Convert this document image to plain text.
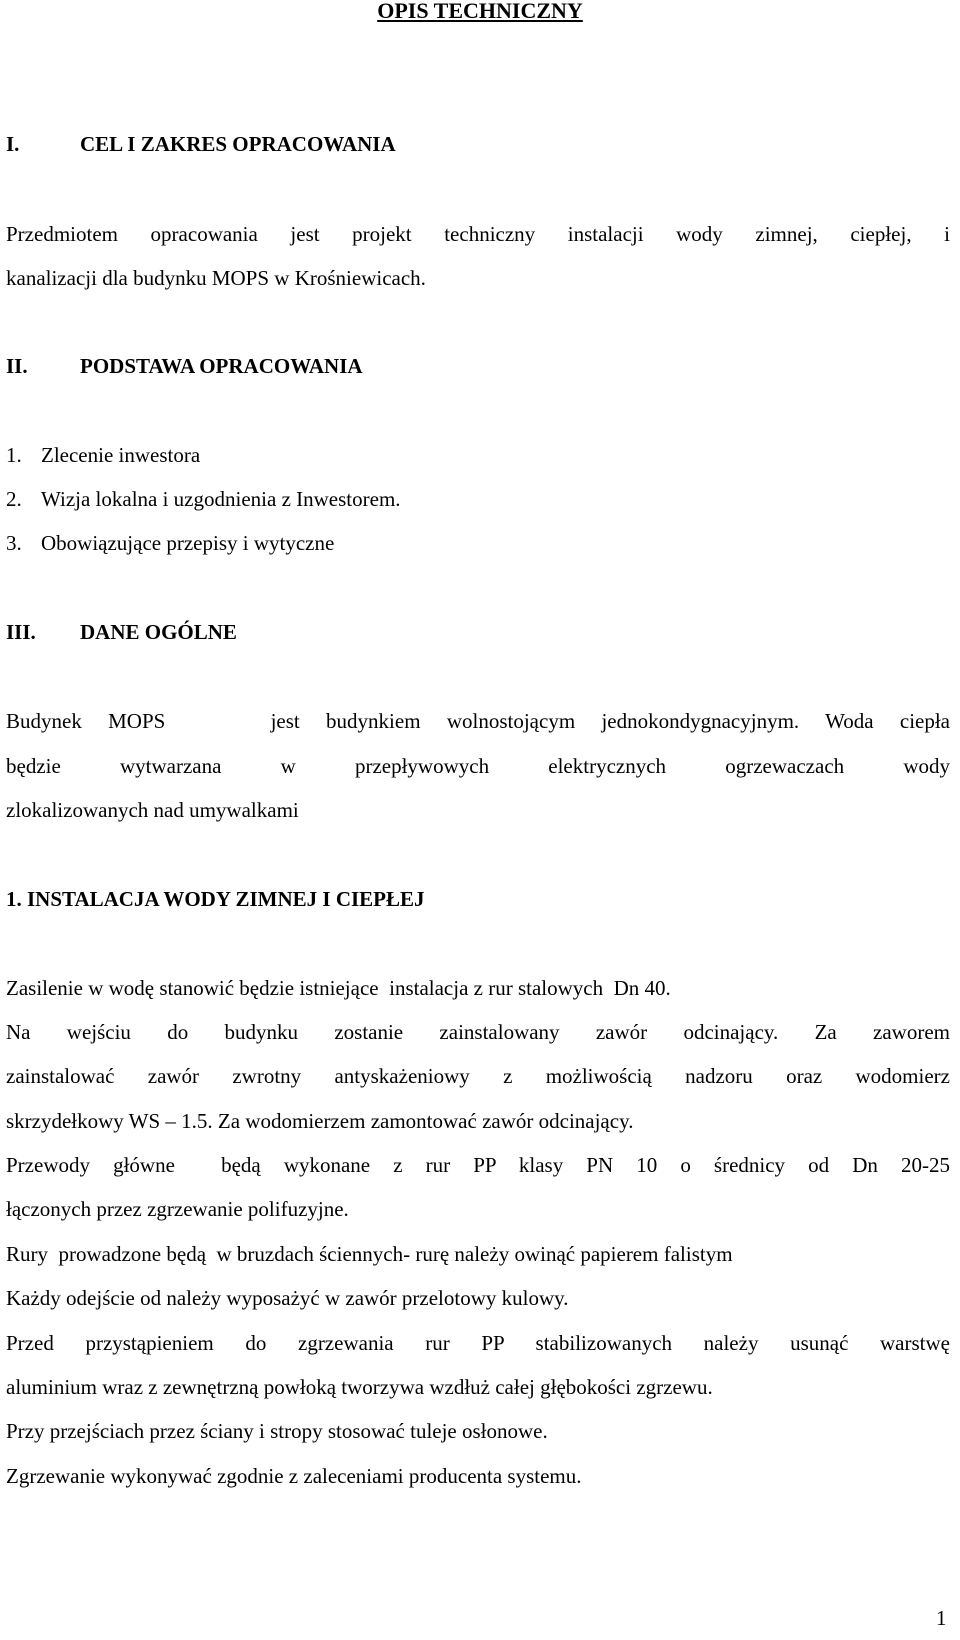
OPIS TECHNICZNY
I.	CEL I ZAKRES OPRACOWANIA
Przedmiotem opracowania jest projekt techniczny instalacji wody zimnej, ciepłej, i
kanalizacji dla budynku MOPS w Krośniewicach.
II. PODSTAWA OPRACOWANIA
1. Zlecenie inwestora
2. Wizja lokalna i uzgodnienia z Inwestorem.
3. Obowiązujące przepisy i wytyczne
III. DANE OGÓLNE
Budynek MOPS    jest budynkiem wolnostojącym jednokondygnacyjnym. Woda ciepła
będzie wytwarzana w przepływowych elektrycznych ogrzewaczach wody
zlokalizowanych nad umywalkami
1. INSTALACJA WODY ZIMNEJ I CIEPŁEJ
Zasilenie w wodę stanowić będzie istniejące  instalacja z rur stalowych  Dn 40.
Na wejściu do budynku zostanie zainstalowany zawór odcinający. Za zaworem
zainstalować zawór zwrotny antyskażeniowy z możliwością nadzoru oraz wodomierz
skrzydełkowy WS – 1.5. Za wodomierzem zamontować zawór odcinający.
Przewody główne  będą wykonane z rur PP klasy PN 10 o średnicy od Dn 20-25
łączonych przez zgrzewanie polifuzyjne.
Rury  prowadzone będą  w bruzdach ściennych- rurę należy owinąć papierem falistym
Każdy odejście od należy wyposażyć w zawór przelotowy kulowy.
Przed przystąpieniem do zgrzewania rur PP stabilizowanych należy usunąć warstwę
aluminium wraz z zewnętrzną powłoką tworzywa wzdłuż całej głębokości zgrzewu.
Przy przejściach przez ściany i stropy stosować tuleje osłonowe.
Zgrzewanie wykonywać zgodnie z zaleceniami producenta systemu.
1
